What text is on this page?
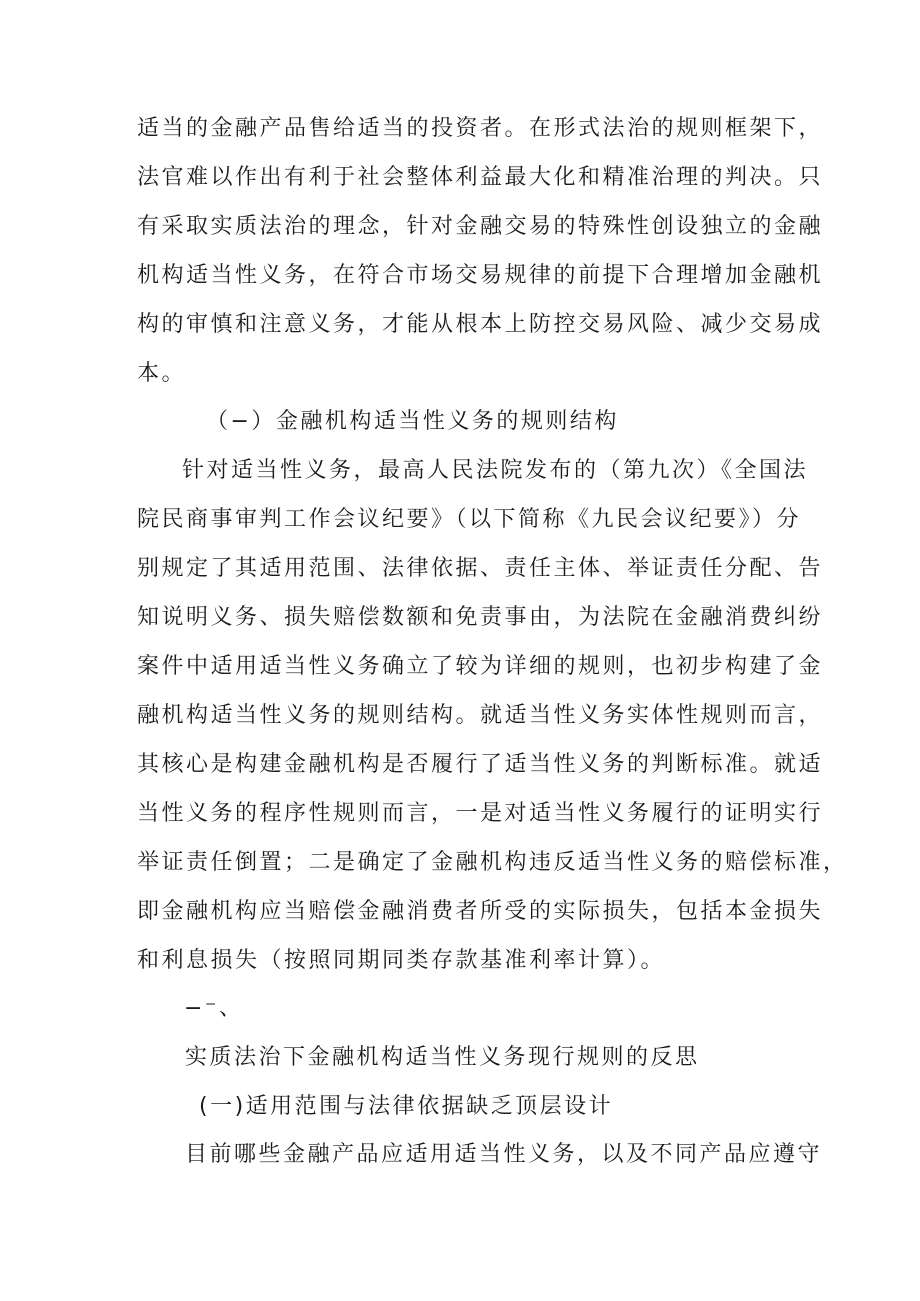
适当的金融产品售给适当的投资者。在形式法治的规则框架下，
法官难以作出有利于社会整体利益最大化和精准治理的判决。只
有采取实质法治的理念，针对金融交易的特殊性创设独立的金融
机构适当性义务，在符合市场交易规律的前提下合理增加金融机
构的审慎和注意义务，才能从根本上防控交易风险、减少交易成
本。
（−）金融机构适当性义务的规则结构
针对适当性义务，最高人民法院发布的（第九次）《全国法
院民商事审判工作会议纪要》（以下简称《九民会议纪要》）分
别规定了其适用范围、法律依据、责任主体、举证责任分配、告
知说明义务、损失赔偿数额和免责事由，为法院在金融消费纠纷
案件中适用适当性义务确立了较为详细的规则，也初步构建了金
融机构适当性义务的规则结构。就适当性义务实体性规则而言，
其核心是构建金融机构是否履行了适当性义务的判断标准。就适
当性义务的程序性规则而言，一是对适当性义务履行的证明实行
举证责任倒置；二是确定了金融机构违反适当性义务的赔偿标准，
即金融机构应当赔偿金融消费者所受的实际损失，包括本金损失
和利息损失（按照同期同类存款基准利率计算）。
−⁻、
实质法治下金融机构适当性义务现行规则的反思
(一)适用范围与法律依据缺乏顶层设计
目前哪些金融产品应适用适当性义务，以及不同产品应遵守
